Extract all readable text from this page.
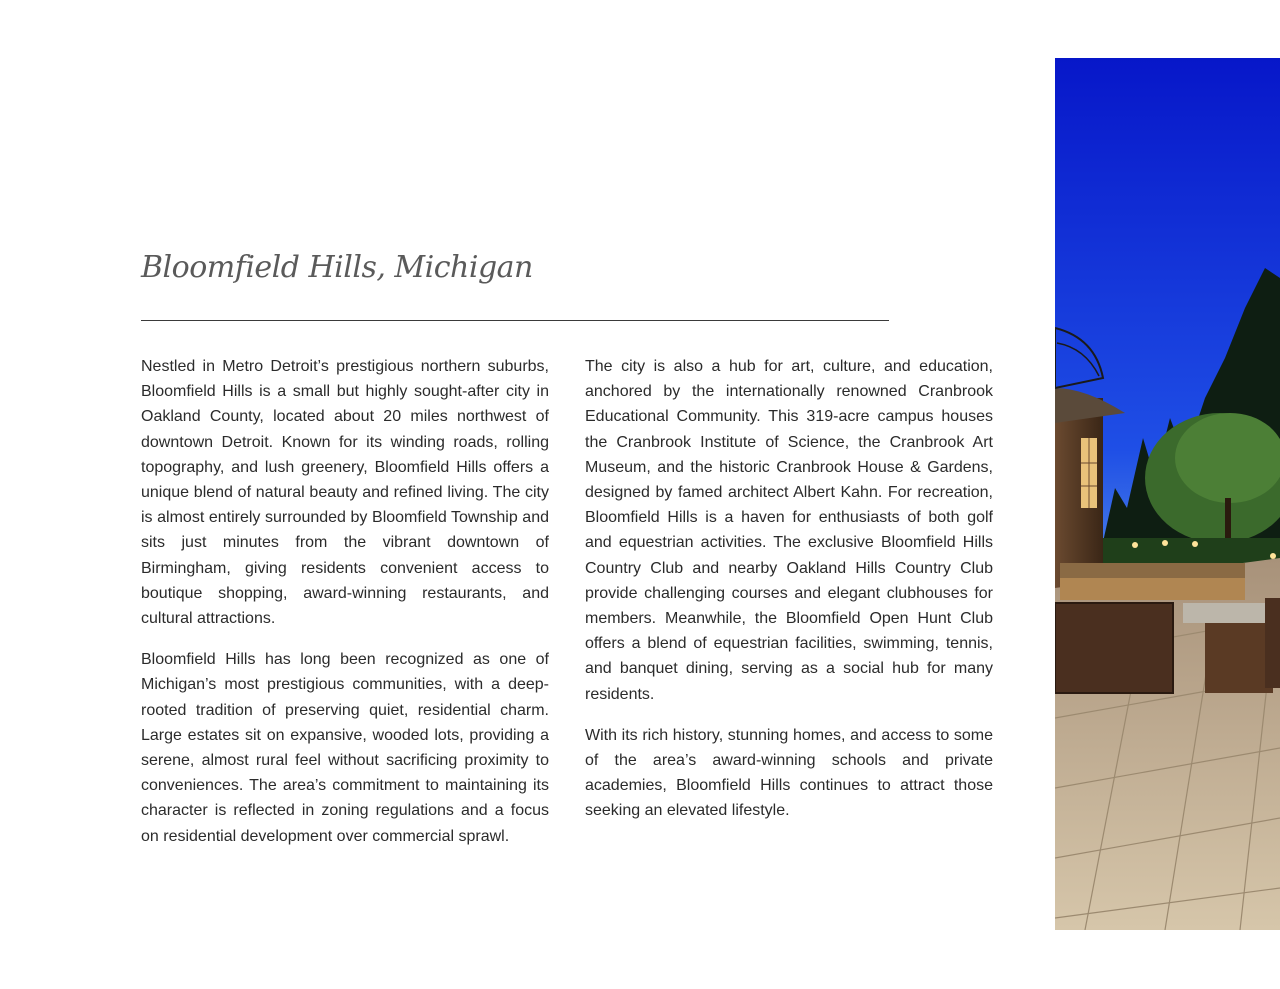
Bloomfield Hills, Michigan

Nestled in Metro Detroit’s prestigious northern suburbs, Bloomfield Hills is a small but highly sought-after city in Oakland County, located about 20 miles northwest of downtown Detroit. Known for its winding roads, rolling topography, and lush greenery, Bloomfield Hills offers a unique blend of natural beauty and refined living. The city is almost entirely surrounded by Bloomfield Township and sits just minutes from the vibrant downtown of Birmingham, giving residents convenient access to boutique shopping, award-winning restaurants, and cultural attractions.

Bloomfield Hills has long been recognized as one of Michigan’s most prestigious communities, with a deep-rooted tradition of preserving quiet, residential charm. Large estates sit on expansive, wooded lots, providing a serene, almost rural feel without sacrificing proximity to conveniences. The area’s commitment to maintaining its character is reflected in zoning regulations and a focus on residential development over commercial sprawl.

The city is also a hub for art, culture, and education, anchored by the internationally renowned Cranbrook Educational Community. This 319-acre campus houses the Cranbrook Institute of Science, the Cranbrook Art Museum, and the historic Cranbrook House & Gardens, designed by famed architect Albert Kahn. For recreation, Bloomfield Hills is a haven for enthusiasts of both golf and equestrian activities. The exclusive Bloomfield Hills Country Club and nearby Oakland Hills Country Club provide challenging courses and elegant clubhouses for members. Meanwhile, the Bloomfield Open Hunt Club offers a blend of equestrian facilities, swimming, tennis, and banquet dining, serving as a social hub for many residents.

With its rich history, stunning homes, and access to some of the area’s award-winning schools and private academies, Bloomfield Hills continues to attract those seeking an elevated lifestyle.
